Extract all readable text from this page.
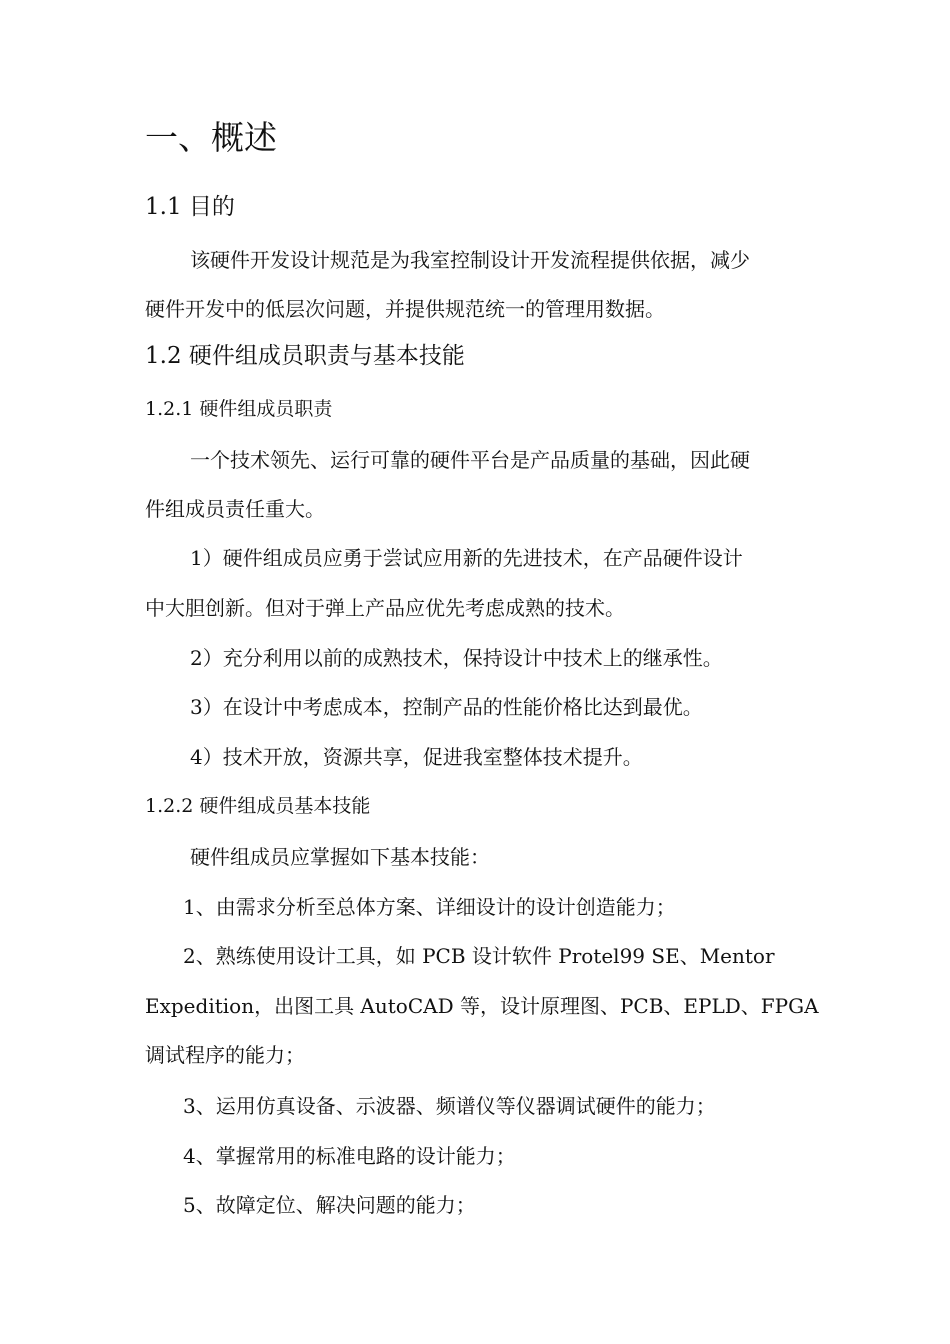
一、概述
1.1 目的
该硬件开发设计规范是为我室控制设计开发流程提供依据，减少
硬件开发中的低层次问题，并提供规范统一的管理用数据。
1.2 硬件组成员职责与基本技能
1.2.1 硬件组成员职责
一个技术领先、运行可靠的硬件平台是产品质量的基础，因此硬
件组成员责任重大。
1）硬件组成员应勇于尝试应用新的先进技术，在产品硬件设计
中大胆创新。但对于弹上产品应优先考虑成熟的技术。
2）充分利用以前的成熟技术，保持设计中技术上的继承性。
3）在设计中考虑成本，控制产品的性能价格比达到最优。
4）技术开放，资源共享，促进我室整体技术提升。
1.2.2 硬件组成员基本技能
硬件组成员应掌握如下基本技能：
1、由需求分析至总体方案、详细设计的设计创造能力；
2、熟练使用设计工具，如 PCB 设计软件 Protel99 SE、Mentor
Expedition，出图工具 AutoCAD 等，设计原理图、PCB、EPLD、FPGA
调试程序的能力；
3、运用仿真设备、示波器、频谱仪等仪器调试硬件的能力；
4、掌握常用的标准电路的设计能力；
5、故障定位、解决问题的能力；
